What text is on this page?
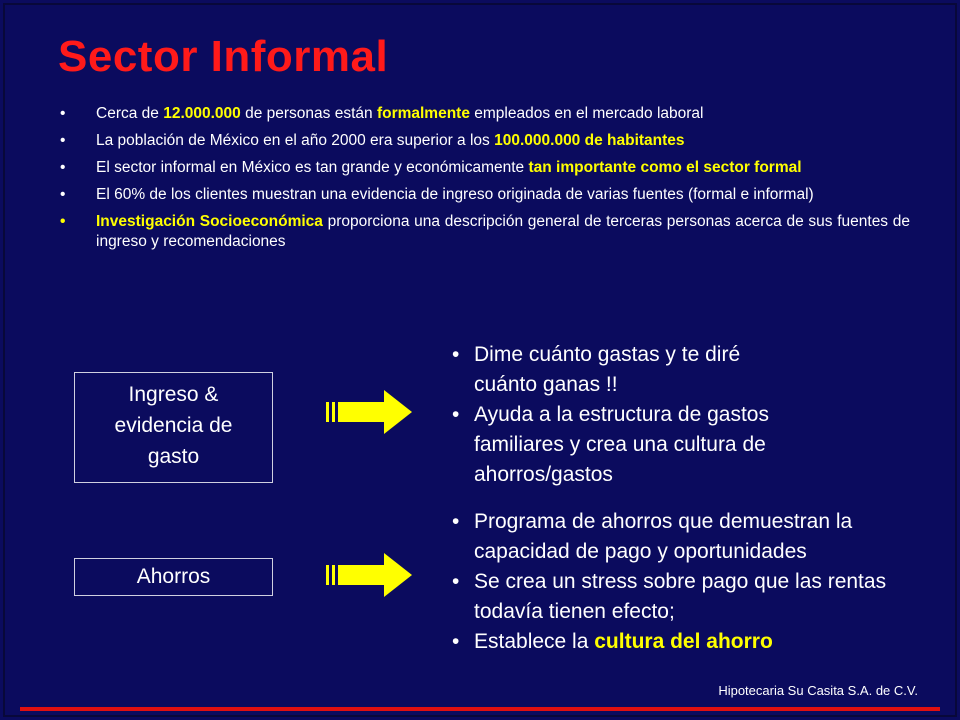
Sector Informal
• Cerca de 12.000.000 de personas están formalmente empleados en el mercado laboral
• La población de México en el año 2000 era superior a los 100.000.000 de habitantes
• El sector informal en México es tan grande y económicamente tan importante como el sector formal
• El 60% de los clientes muestran una evidencia de ingreso originada de varias fuentes (formal e informal)
• Investigación Socioeconómica proporciona una descripción general de terceras personas acerca de sus fuentes de ingreso y recomendaciones
Ingreso &
evidencia de
gasto
• Dime cuánto gastas y te diré
cuánto ganas !!
• Ayuda a la estructura de gastos
familiares y crea una cultura de
ahorros/gastos
Ahorros
• Programa de ahorros que demuestran la
capacidad de pago y oportunidades
• Se crea un stress sobre pago que las rentas
todavía tienen efecto;
• Establece la cultura del ahorro
Hipotecaria Su Casita S.A. de C.V.
